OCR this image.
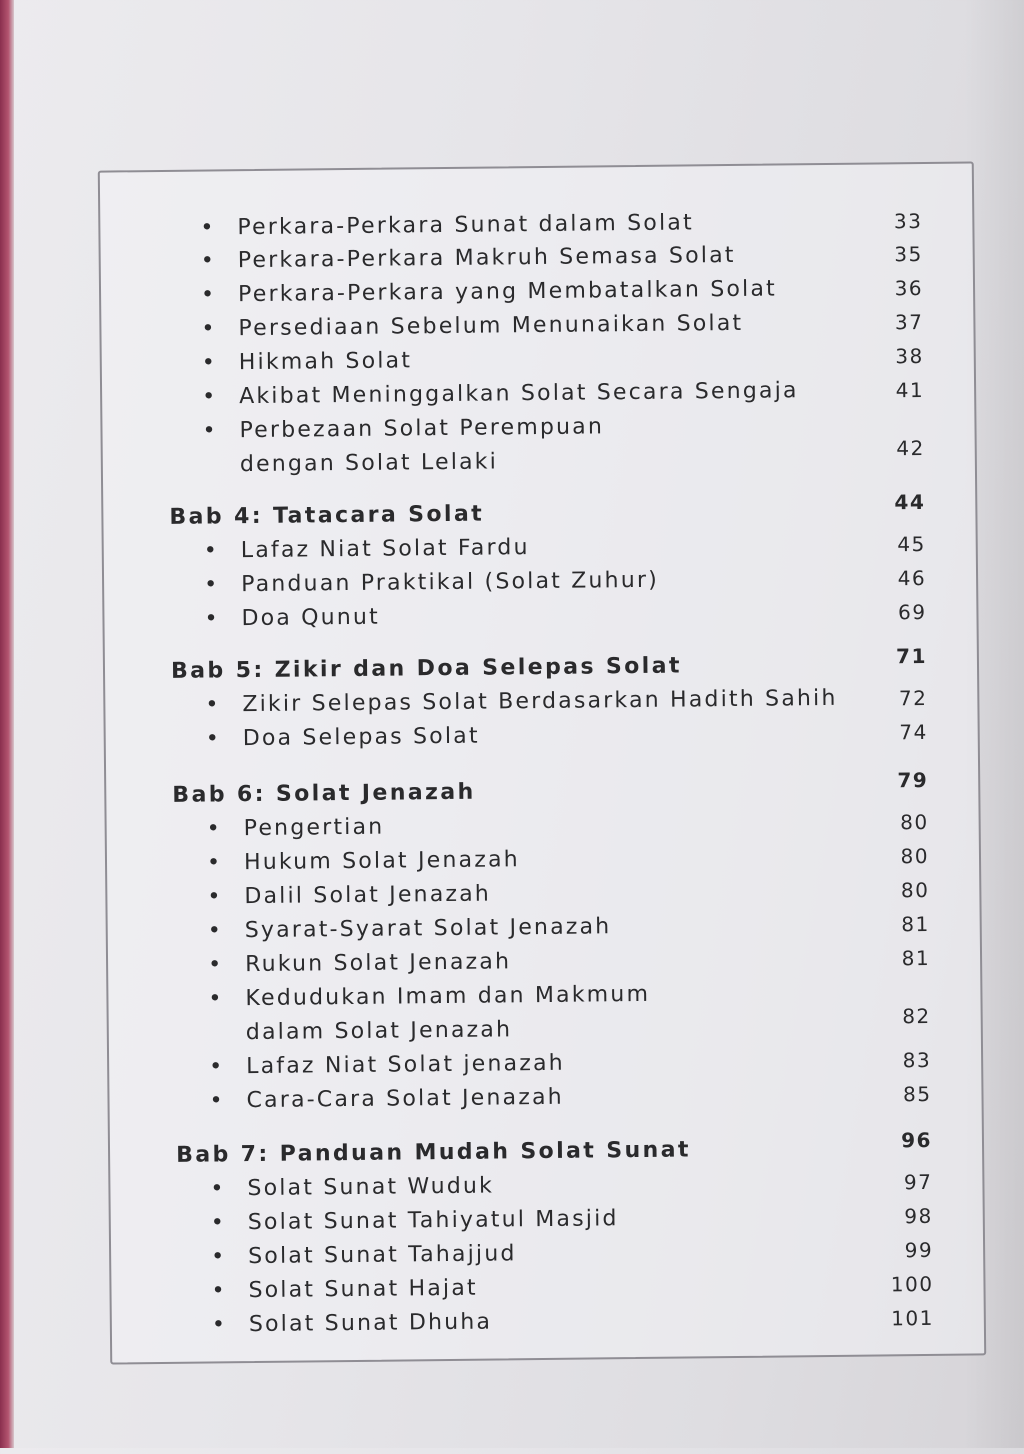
• Perkara-Perkara Sunat dalam Solat	33
• Perkara-Perkara Makruh Semasa Solat	35
• Perkara-Perkara yang Membatalkan Solat	36
• Persediaan Sebelum Menunaikan Solat	37
• Hikmah Solat	38
• Akibat Meninggalkan Solat Secara Sengaja	41
• Perbezaan Solat Perempuan
dengan Solat Lelaki
42
Bab 4: Tatacara Solat	44
• Lafaz Niat Solat Fardu	45
• Panduan Praktikal (Solat Zuhur)	46
• Doa Qunut	69
Bab 5: Zikir dan Doa Selepas Solat	71
• Zikir Selepas Solat Berdasarkan Hadith Sahih	72
• Doa Selepas Solat	74
Bab 6: Solat Jenazah	79
• Pengertian	80
• Hukum Solat Jenazah	80
• Dalil Solat Jenazah	80
• Syarat-Syarat Solat Jenazah	81
• Rukun Solat Jenazah	81
• Kedudukan Imam dan Makmum
dalam Solat Jenazah
82
• Lafaz Niat Solat jenazah	83
• Cara-Cara Solat Jenazah	85
Bab 7: Panduan Mudah Solat Sunat	96
• Solat Sunat Wuduk	97
• Solat Sunat Tahiyatul Masjid	98
• Solat Sunat Tahajjud	99
• Solat Sunat Hajat	100
• Solat Sunat Dhuha	101
